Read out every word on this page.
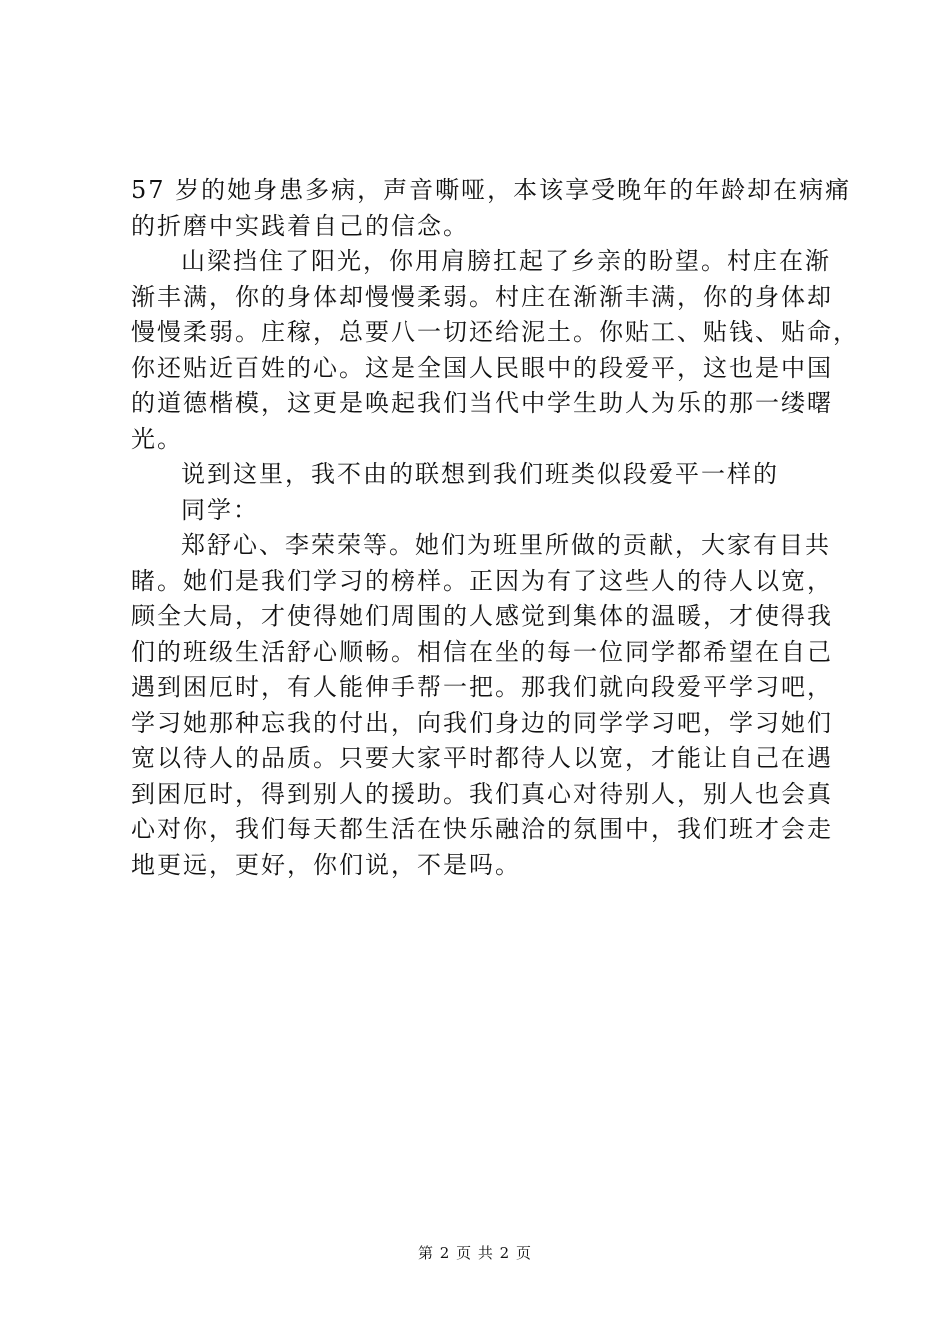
57 岁的她身患多病，声音嘶哑，本该享受晚年的年龄却在病痛
的折磨中实践着自己的信念。

山梁挡住了阳光，你用肩膀扛起了乡亲的盼望。村庄在渐
渐丰满，你的身体却慢慢柔弱。村庄在渐渐丰满，你的身体却
慢慢柔弱。庄稼，总要八一切还给泥土。你贴工、贴钱、贴命，
你还贴近百姓的心。这是全国人民眼中的段爱平，这也是中国
的道德楷模，这更是唤起我们当代中学生助人为乐的那一缕曙
光。

说到这里，我不由的联想到我们班类似段爱平一样的

同学：

郑舒心、李荣荣等。她们为班里所做的贡献，大家有目共
睹。她们是我们学习的榜样。正因为有了这些人的待人以宽，
顾全大局，才使得她们周围的人感觉到集体的温暖，才使得我
们的班级生活舒心顺畅。相信在坐的每一位同学都希望在自己
遇到困厄时，有人能伸手帮一把。那我们就向段爱平学习吧，
学习她那种忘我的付出，向我们身边的同学学习吧，学习她们
宽以待人的品质。只要大家平时都待人以宽，才能让自己在遇
到困厄时，得到别人的援助。我们真心对待别人，别人也会真
心对你，我们每天都生活在快乐融洽的氛围中，我们班才会走
地更远，更好，你们说，不是吗。

第 2 页 共 2 页
